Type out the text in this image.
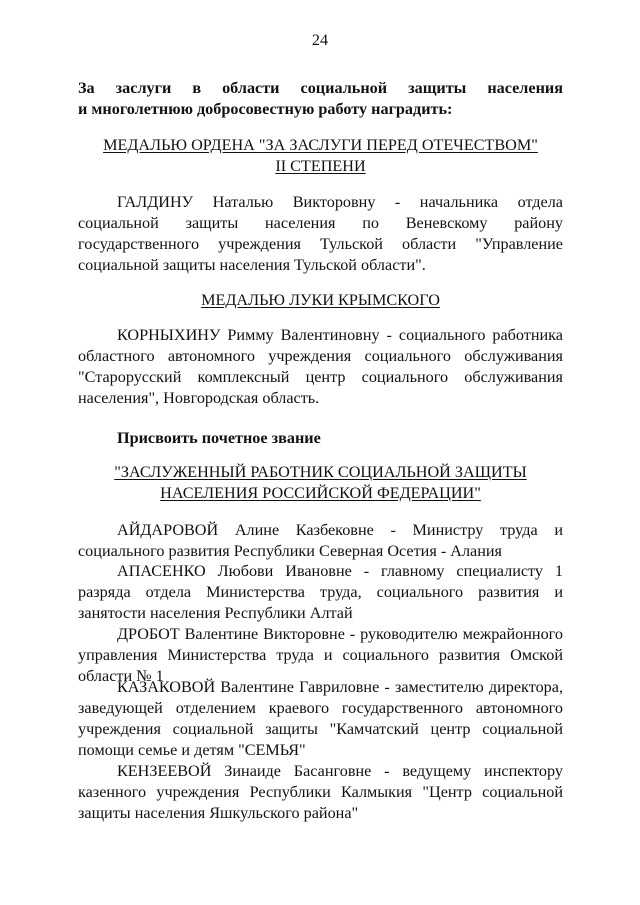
24
За заслуги в области социальной защиты населения
и многолетнюю добросовестную работу наградить:
МЕДАЛЬЮ ОРДЕНА "ЗА ЗАСЛУГИ ПЕРЕД ОТЕЧЕСТВОМ"
II СТЕПЕНИ
ГАЛДИНУ Наталью Викторовну - начальника отдела социальной защиты населения по Веневскому району государственного учреждения Тульской области "Управление социальной защиты населения Тульской области".
МЕДАЛЬЮ ЛУКИ КРЫМСКОГО
КОРНЫХИНУ Римму Валентиновну - социального работника областного автономного учреждения социального обслуживания "Старорусский комплексный центр социального обслуживания населения", Новгородская область.
Присвоить почетное звание
"ЗАСЛУЖЕННЫЙ РАБОТНИК СОЦИАЛЬНОЙ ЗАЩИТЫ
НАСЕЛЕНИЯ РОССИЙСКОЙ ФЕДЕРАЦИИ"
АЙДАРОВОЙ Алине Казбековне - Министру труда и социального развития Республики Северная Осетия - Алания
АПАСЕНКО Любови Ивановне - главному специалисту 1 разряда отдела Министерства труда, социального развития и занятости населения Республики Алтай
ДРОБОТ Валентине Викторовне - руководителю межрайонного управления Министерства труда и социального развития Омской области № 1
КАЗАКОВОЙ Валентине Гавриловне - заместителю директора, заведующей отделением краевого государственного автономного учреждения социальной защиты "Камчатский центр социальной помощи семье и детям "СЕМЬЯ"
КЕНЗЕЕВОЙ Зинаиде Басанговне - ведущему инспектору казенного учреждения Республики Калмыкия "Центр социальной защиты населения Яшкульского района"
